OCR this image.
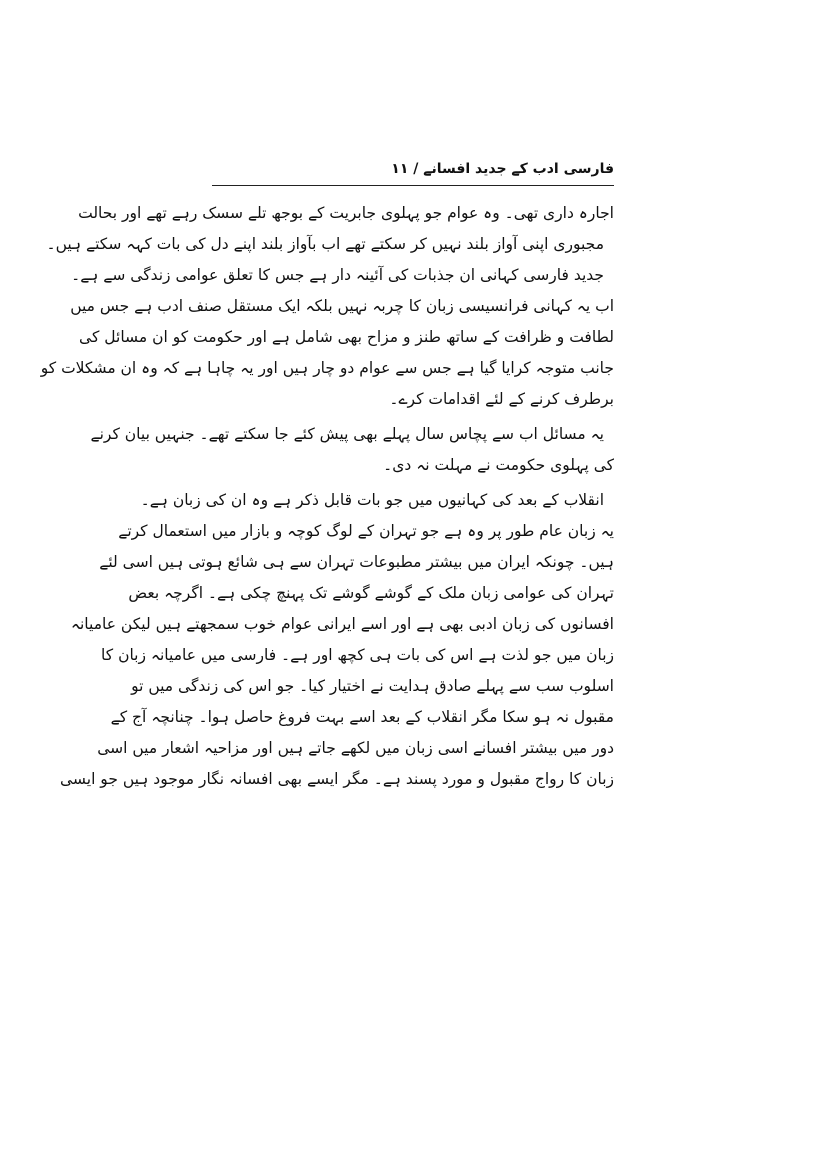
فارسی ادب کے جدید افسانے / ۱۱
اجارہ داری تھی۔ وہ عوام جو پہلوی جابریت کے بوجھ تلے سسک رہے تھے اور بحالت
مجبوری اپنی آواز بلند نہیں کر سکتے تھے اب بآواز بلند اپنے دل کی بات کہہ سکتے ہیں۔
جدید فارسی کہانی ان جذبات کی آئینہ دار ہے جس کا تعلق عوامی زندگی سے ہے۔
اب یہ کہانی فرانسیسی زبان کا چربہ نہیں بلکہ ایک مستقل صنف ادب ہے جس میں
لطافت و ظرافت کے ساتھ طنز و مزاح بھی شامل ہے اور حکومت کو ان مسائل کی
جانب متوجہ کرایا گیا ہے جس سے عوام دو چار ہیں اور یہ چاہا ہے کہ وہ ان مشکلات کو
برطرف کرنے کے لئے اقدامات کرے۔
یہ مسائل اب سے پچاس سال پہلے بھی پیش کئے جا سکتے تھے۔ جنہیں بیان کرنے
کی پہلوی حکومت نے مہلت نہ دی۔
انقلاب کے بعد کی کہانیوں میں جو بات قابل ذکر ہے وہ ان کی زبان ہے۔
یہ زبان عام طور پر وہ ہے جو تہران کے لوگ کوچہ و بازار میں استعمال کرتے
ہیں۔ چونکہ ایران میں بیشتر مطبوعات تہران سے ہی شائع ہوتی ہیں اسی لئے
تہران کی عوامی زبان ملک کے گوشے گوشے تک پہنچ چکی ہے۔ اگرچہ بعض
افسانوں کی زبان ادبی بھی ہے اور اسے ایرانی عوام خوب سمجھتے ہیں لیکن عامیانہ
زبان میں جو لذت ہے اس کی بات ہی کچھ اور ہے۔ فارسی میں عامیانہ زبان کا
اسلوب سب سے پہلے صادق ہدایت نے اختیار کیا۔ جو اس کی زندگی میں تو
مقبول نہ ہو سکا مگر انقلاب کے بعد اسے بہت فروغ حاصل ہوا۔ چنانچہ آج کے
دور میں بیشتر افسانے اسی زبان میں لکھے جاتے ہیں اور مزاحیہ اشعار میں اسی
زبان کا رواج مقبول و مورد پسند ہے۔ مگر ایسے بھی افسانہ نگار موجود ہیں جو ایسی
